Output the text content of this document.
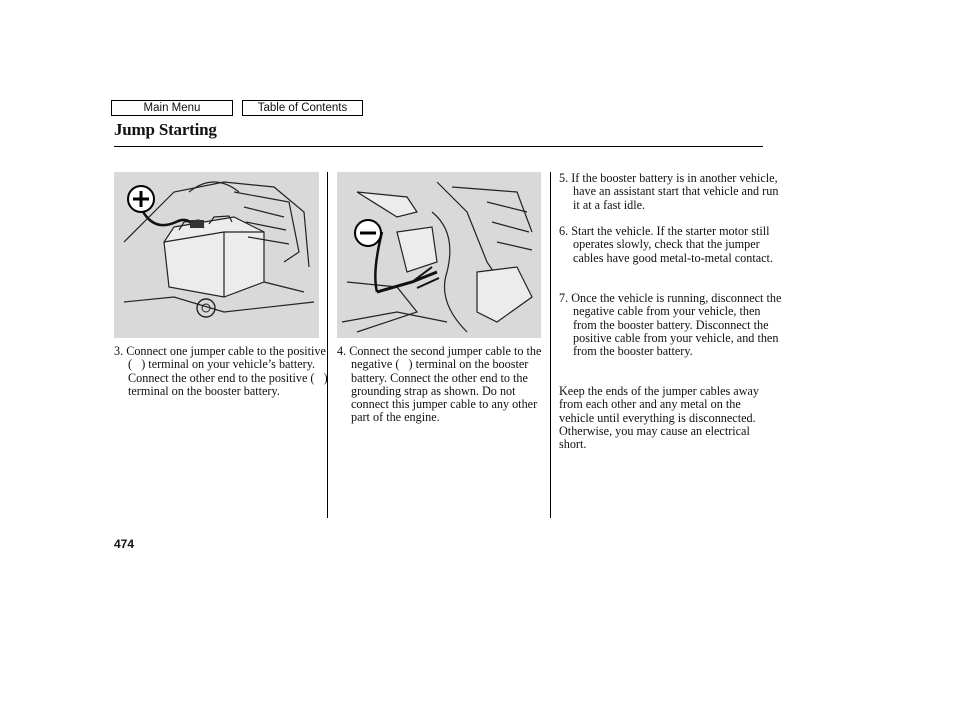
Main Menu	Table of Contents
Jump Starting

3. Connect one jumper cable to the positive (   ) terminal on your vehicle’s battery. Connect the other end to the positive (   ) terminal on the booster battery.

4. Connect the second jumper cable to the negative (   ) terminal on the booster battery. Connect the other end to the grounding strap as shown. Do not connect this jumper cable to any other part of the engine.

5. If the booster battery is in another vehicle, have an assistant start that vehicle and run it at a fast idle.

6. Start the vehicle. If the starter motor still operates slowly, check that the jumper cables have good metal-to-metal contact.

7. Once the vehicle is running, disconnect the negative cable from your vehicle, then from the booster battery. Disconnect the positive cable from your vehicle, and then from the booster battery.

Keep the ends of the jumper cables away from each other and any metal on the vehicle until everything is disconnected. Otherwise, you may cause an electrical short.

474
